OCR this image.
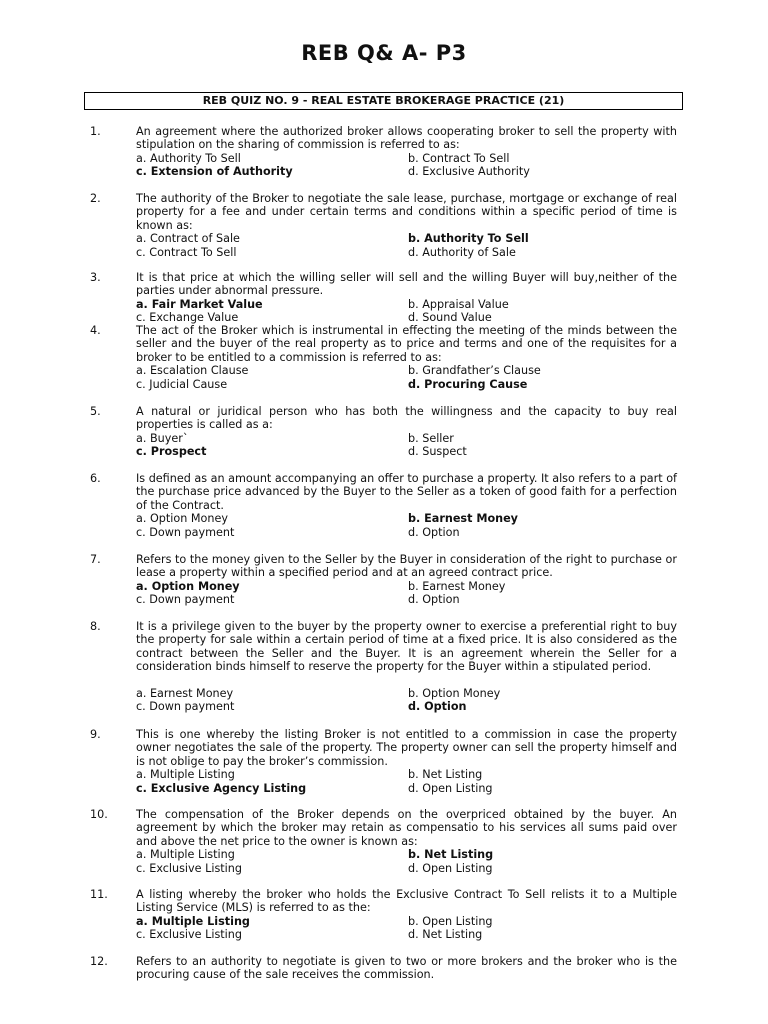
REB Q& A- P3
REB QUIZ NO. 9 - REAL ESTATE BROKERAGE PRACTICE (21)
1.	An agreement where the authorized broker allows cooperating broker to sell the property with stipulation on the sharing of commission is referred to as:
a. Authority To Sell	b. Contract To Sell
c. Extension of Authority	d. Exclusive Authority
2.	The authority of the Broker to negotiate the sale lease, purchase, mortgage or exchange of real property for a fee and under certain terms and conditions within a specific period of time is known as:
a. Contract of Sale	b. Authority To Sell
c. Contract To Sell	d. Authority of Sale
3.	It is that price at which the willing seller will sell and the willing Buyer will buy,neither of the parties under abnormal pressure.
a. Fair Market Value	b. Appraisal Value
c. Exchange Value	d. Sound Value
4.	The act of the Broker which is instrumental in effecting the meeting of the minds between the seller and the buyer of the real property as to price and terms and one of the requisites for a broker to be entitled to a commission is referred to as:
a. Escalation Clause	b. Grandfather’s Clause
c. Judicial Cause	d. Procuring Cause
5.	A natural or juridical person who has both the willingness and the capacity to buy real properties is called as a:
a. Buyer`	b. Seller
c. Prospect	d. Suspect
6.	Is defined as an amount accompanying an offer to purchase a property. It also refers to a part of the purchase price advanced by the Buyer to the Seller as a token of good faith for a perfection of the Contract.
a. Option Money	b. Earnest Money
c. Down payment	d. Option
7.	Refers to the money given to the Seller by the Buyer in consideration of the right to purchase or lease a property within a specified period and at an agreed contract price.
a. Option Money	b. Earnest Money
c. Down payment	d. Option
8.	It is a privilege given to the buyer by the property owner to exercise a preferential right to buy the property for sale within a certain period of time at a fixed price. It is also considered as the contract between the Seller and the Buyer. It is an agreement wherein the Seller for a consideration binds himself to reserve the property for the Buyer within a stipulated period.
a. Earnest Money	b. Option Money
c. Down payment	d. Option
9.	This is one whereby the listing Broker is not entitled to a commission in case the property owner negotiates the sale of the property. The property owner can sell the property himself and is not oblige to pay the broker’s commission.
a. Multiple Listing	b. Net Listing
c. Exclusive Agency Listing	d. Open Listing
10.	The compensation of the Broker depends on the overpriced obtained by the buyer. An agreement by which the broker may retain as compensatio to his services all sums paid over and above the net price to the owner is known as:
a. Multiple Listing	b. Net Listing
c. Exclusive Listing	d. Open Listing
11.	A listing whereby the broker who holds the Exclusive Contract To Sell relists it to a Multiple Listing Service (MLS) is referred to as the:
a. Multiple Listing	b. Open Listing
c. Exclusive Listing	d. Net Listing
12.	Refers to an authority to negotiate is given to two or more brokers and the broker who is the procuring cause of the sale receives the commission.
